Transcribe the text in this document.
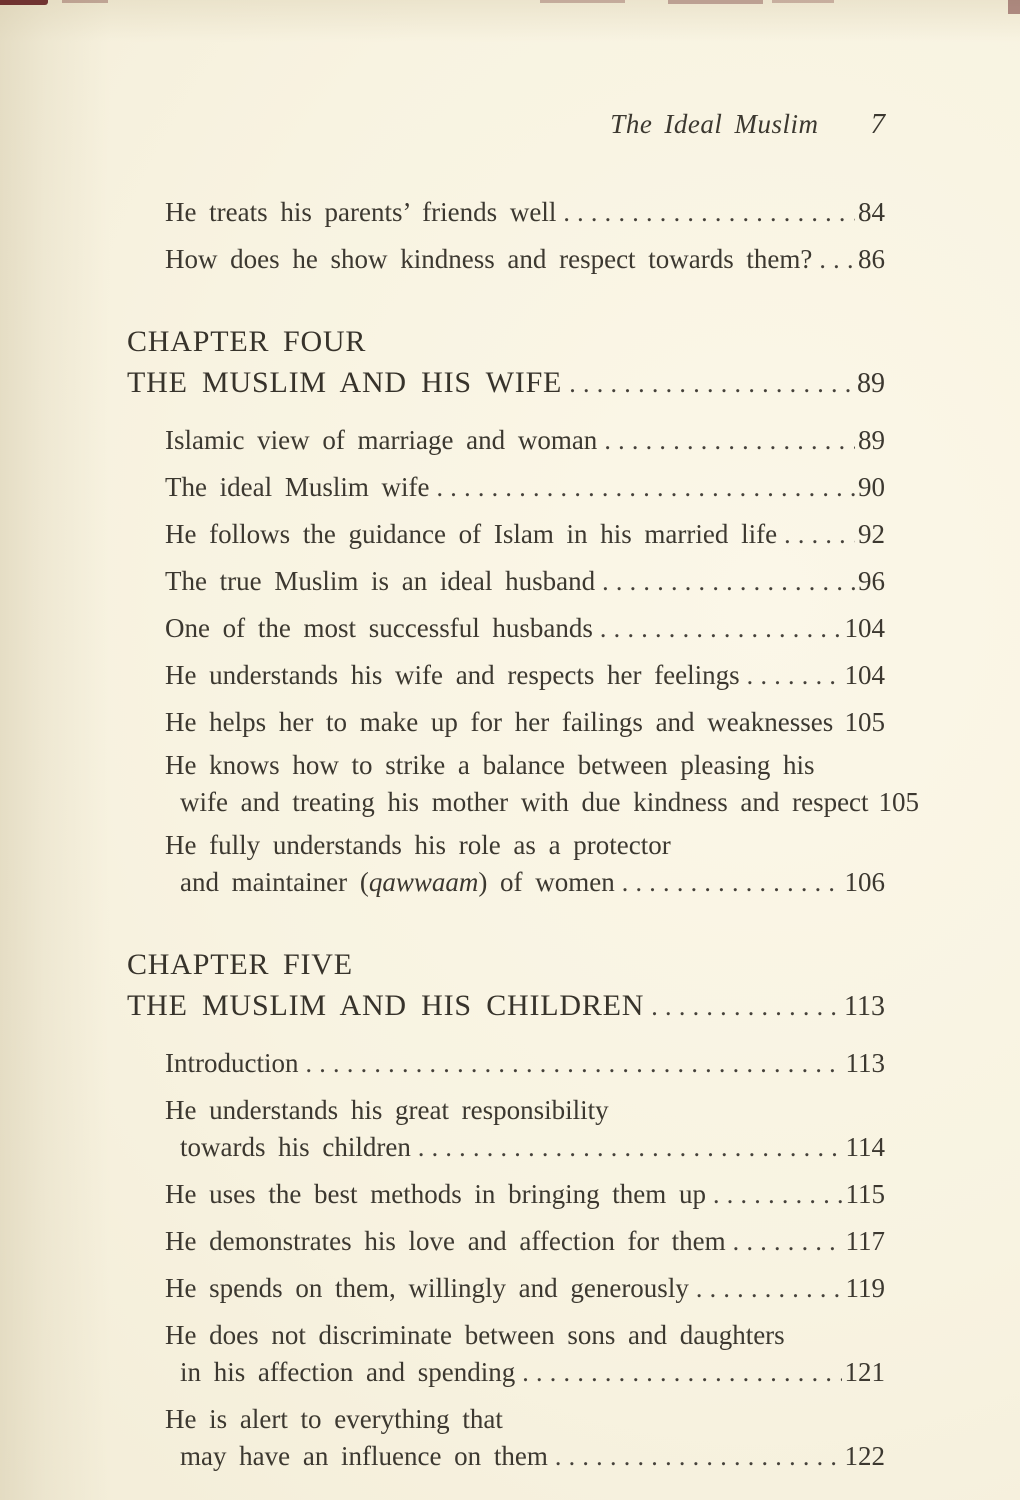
The Ideal Muslim 7
He treats his parents’ friends well .....	84
How does he show kindness and respect towards them? ..... 86
CHAPTER FOUR
THE MUSLIM AND HIS WIFE .....	89
Islamic view of marriage and woman .....	89
The ideal Muslim wife .....	90
He follows the guidance of Islam in his married life .....	92
The true Muslim is an ideal husband .....	96
One of the most successful husbands .....	104
He understands his wife and respects her feelings .....	104
He helps her to make up for her failings and weaknesses 105
He knows how to strike a balance between pleasing his
wife and treating his mother with due kindness and respect 105
He fully understands his role as a protector
and maintainer (qawwaam) of women .....	106
CHAPTER FIVE
THE MUSLIM AND HIS CHILDREN .....	113
Introduction .....	113
He understands his great responsibility
towards his children .....	114
He uses the best methods in bringing them up .....	115
He demonstrates his love and affection for them .....	117
He spends on them, willingly and generously .....	119
He does not discriminate between sons and daughters
in his affection and spending .....	121
He is alert to everything that
may have an influence on them .....	122
